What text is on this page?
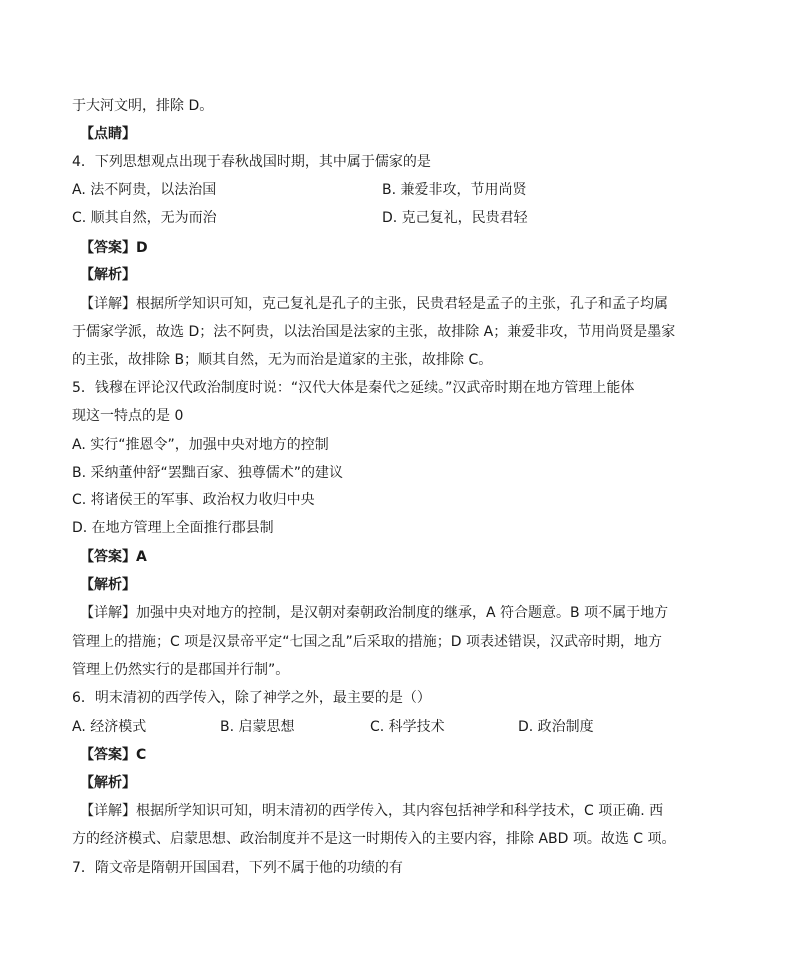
于大河文明，排除 D。
【点睛】
4．下列思想观点出现于春秋战国时期，其中属于儒家的是
A. 法不阿贵，以法治国	B. 兼爱非攻，节用尚贤
C. 顺其自然，无为而治	D. 克己复礼，民贵君轻
【答案】D
【解析】
【详解】根据所学知识可知，克己复礼是孔子的主张，民贵君轻是孟子的主张，孔子和孟子均属
于儒家学派，故选 D；法不阿贵，以法治国是法家的主张，故排除 A；兼爱非攻，节用尚贤是墨家
的主张，故排除 B；顺其自然，无为而治是道家的主张，故排除 C。
5．钱穆在评论汉代政治制度时说：“汉代大体是秦代之延续。”汉武帝时期在地方管理上能体
现这一特点的是 0
A. 实行“推恩令”，加强中央对地方的控制
B. 采纳董仲舒“罢黜百家、独尊儒术”的建议
C. 将诸侯王的军事、政治权力收归中央
D. 在地方管理上全面推行郡县制
【答案】A
【解析】
【详解】加强中央对地方的控制，是汉朝对秦朝政治制度的继承，A 符合题意。B 项不属于地方
管理上的措施；C 项是汉景帝平定“七国之乱”后采取的措施；D 项表述错误，汉武帝时期，地方
管理上仍然实行的是郡国并行制”。
6．明末清初的西学传入，除了神学之外，最主要的是（）
A. 经济模式	B. 启蒙思想	C. 科学技术	D. 政治制度
【答案】C
【解析】
【详解】根据所学知识可知，明末清初的西学传入，其内容包括神学和科学技术，C 项正确. 西
方的经济模式、启蒙思想、政治制度并不是这一时期传入的主要内容，排除 ABD 项。故选 C 项。
7．隋文帝是隋朝开国国君，下列不属于他的功绩的有
